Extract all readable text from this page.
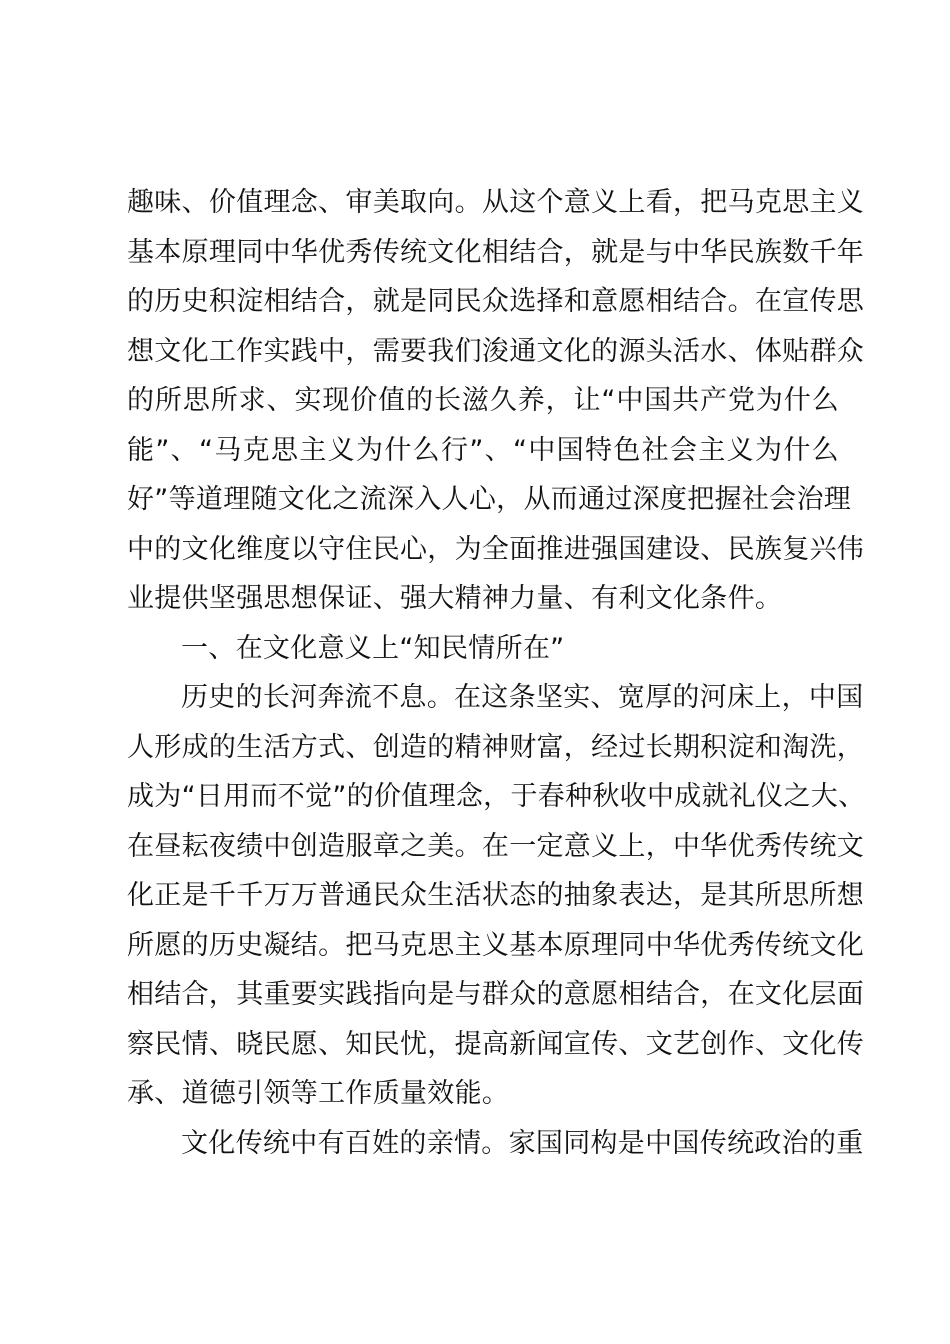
趣味、价值理念、审美取向。从这个意义上看，把马克思主义
基本原理同中华优秀传统文化相结合，就是与中华民族数千年
的历史积淀相结合，就是同民众选择和意愿相结合。在宣传思
想文化工作实践中，需要我们浚通文化的源头活水、体贴群众
的所思所求、实现价值的长滋久养，让“中国共产党为什么
能”、“马克思主义为什么行”、“中国特色社会主义为什么
好”等道理随文化之流深入人心，从而通过深度把握社会治理
中的文化维度以守住民心，为全面推进强国建设、民族复兴伟
业提供坚强思想保证、强大精神力量、有利文化条件。
一、在文化意义上“知民情所在”
历史的长河奔流不息。在这条坚实、宽厚的河床上，中国
人形成的生活方式、创造的精神财富，经过长期积淀和淘洗，
成为“日用而不觉”的价值理念，于春种秋收中成就礼仪之大、
在昼耘夜绩中创造服章之美。在一定意义上，中华优秀传统文
化正是千千万万普通民众生活状态的抽象表达，是其所思所想
所愿的历史凝结。把马克思主义基本原理同中华优秀传统文化
相结合，其重要实践指向是与群众的意愿相结合，在文化层面
察民情、晓民愿、知民忧，提高新闻宣传、文艺创作、文化传
承、道德引领等工作质量效能。
文化传统中有百姓的亲情。家国同构是中国传统政治的重
